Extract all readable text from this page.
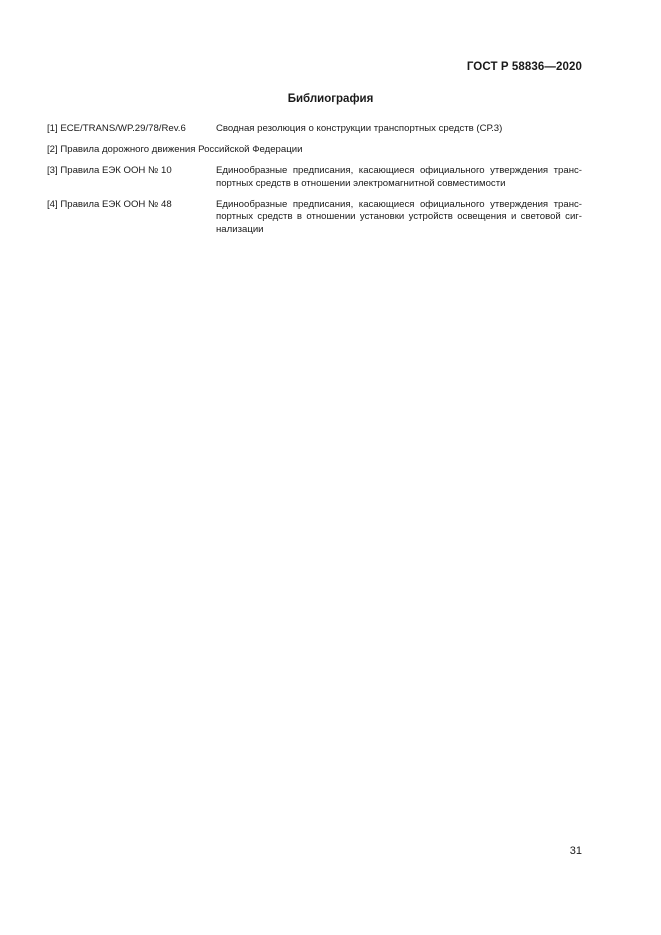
ГОСТ Р 58836—2020
Библиография
[1] ECE/TRANS/WP.29/78/Rev.6	Сводная резолюция о конструкции транспортных средств (СР.3)
[2] Правила дорожного движения Российской Федерации
[3] Правила ЕЭК ООН № 10	Единообразные предписания, касающиеся официального утверждения транс-портных средств в отношении электромагнитной совместимости
[4] Правила ЕЭК ООН № 48	Единообразные предписания, касающиеся официального утверждения транс-портных средств в отношении установки устройств освещения и световой сиг-нализации
31
